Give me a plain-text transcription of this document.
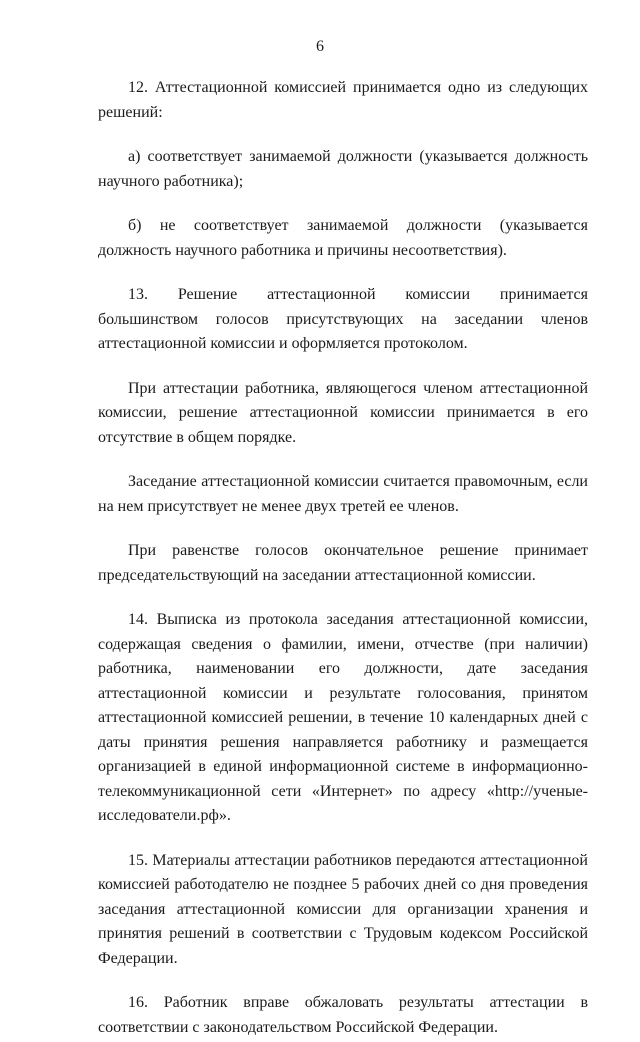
6

12. Аттестационной комиссией принимается одно из следующих решений:

а) соответствует занимаемой должности (указывается должность научного работника);

б) не соответствует занимаемой должности (указывается должность научного работника и причины несоответствия).

13. Решение аттестационной комиссии принимается большинством голосов присутствующих на заседании членов аттестационной комиссии и оформляется протоколом.

При аттестации работника, являющегося членом аттестационной комиссии, решение аттестационной комиссии принимается в его отсутствие в общем порядке.

Заседание аттестационной комиссии считается правомочным, если на нем присутствует не менее двух третей ее членов.

При равенстве голосов окончательное решение принимает председательствующий на заседании аттестационной комиссии.

14. Выписка из протокола заседания аттестационной комиссии, содержащая сведения о фамилии, имени, отчестве (при наличии) работника, наименовании его должности, дате заседания аттестационной комиссии и результате голосования, принятом аттестационной комиссией решении, в течение 10 календарных дней с даты принятия решения направляется работнику и размещается организацией в единой информационной системе в информационно-телекоммуникационной сети «Интернет» по адресу «http://ученые-исследователи.рф».

15. Материалы аттестации работников передаются аттестационной комиссией работодателю не позднее 5 рабочих дней со дня проведения заседания аттестационной комиссии для организации хранения и принятия решений в соответствии с Трудовым кодексом Российской Федерации.

16. Работник вправе обжаловать результаты аттестации в соответствии с законодательством Российской Федерации.
